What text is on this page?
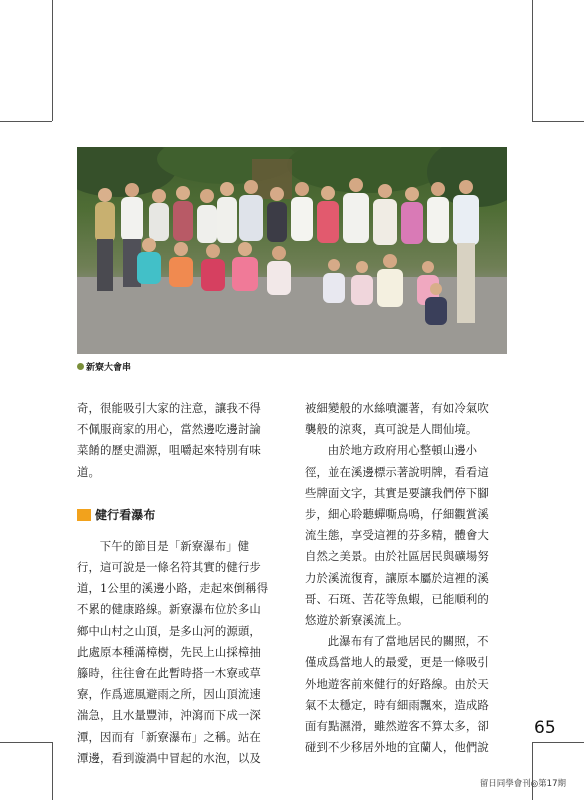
新寮大會串

奇，很能吸引大家的注意，讓我不得
不佩服商家的用心，當然邊吃邊討論
菜餚的歷史淵源，咀嚼起來特別有味
道。

健行看瀑布

下午的節目是「新寮瀑布」健
行，這可說是一條名符其實的健行步
道，1公里的溪邊小路，走起來倒稱得
不累的健康路線。新寮瀑布位於多山
鄉中山村之山頂，是多山河的源頭，
此處原本種滿樟樹，先民上山採樟抽
籐時，往往會在此暫時搭一木寮或草
寮，作爲遮風避雨之所，因山頂流速
湍急，且水量豐沛，沖瀉而下成一深
潭，因而有「新寮瀑布」之稱。站在
潭邊，看到漩渦中冒起的水泡，以及

被細變般的水絲噴灑著，有如冷氣吹
襲般的涼爽，真可說是人間仙境。

由於地方政府用心整頓山邊小
徑，並在溪邊標示著說明牌，看看這
些牌面文字，其實是要讓我們停下腳
步，細心聆聽蟬嘶鳥鳴，仔細觀賞溪
流生態，享受這裡的芬多精，體會大
自然之美景。由於社區居民與礦場努
力於溪流復育，讓原本屬於這裡的溪
哥、石斑、苦花等魚蝦，已能順利的
悠遊於新寮溪流上。

此瀑布有了當地居民的關照，不
僅成爲當地人的最愛，更是一條吸引
外地遊客前來健行的好路線。由於天
氣不太穩定，時有細雨飄來，造成路
面有點濕滑，雖然遊客不算太多，卻
碰到不少移居外地的宜蘭人，他們說

65
留日同學會刊◎第17期
